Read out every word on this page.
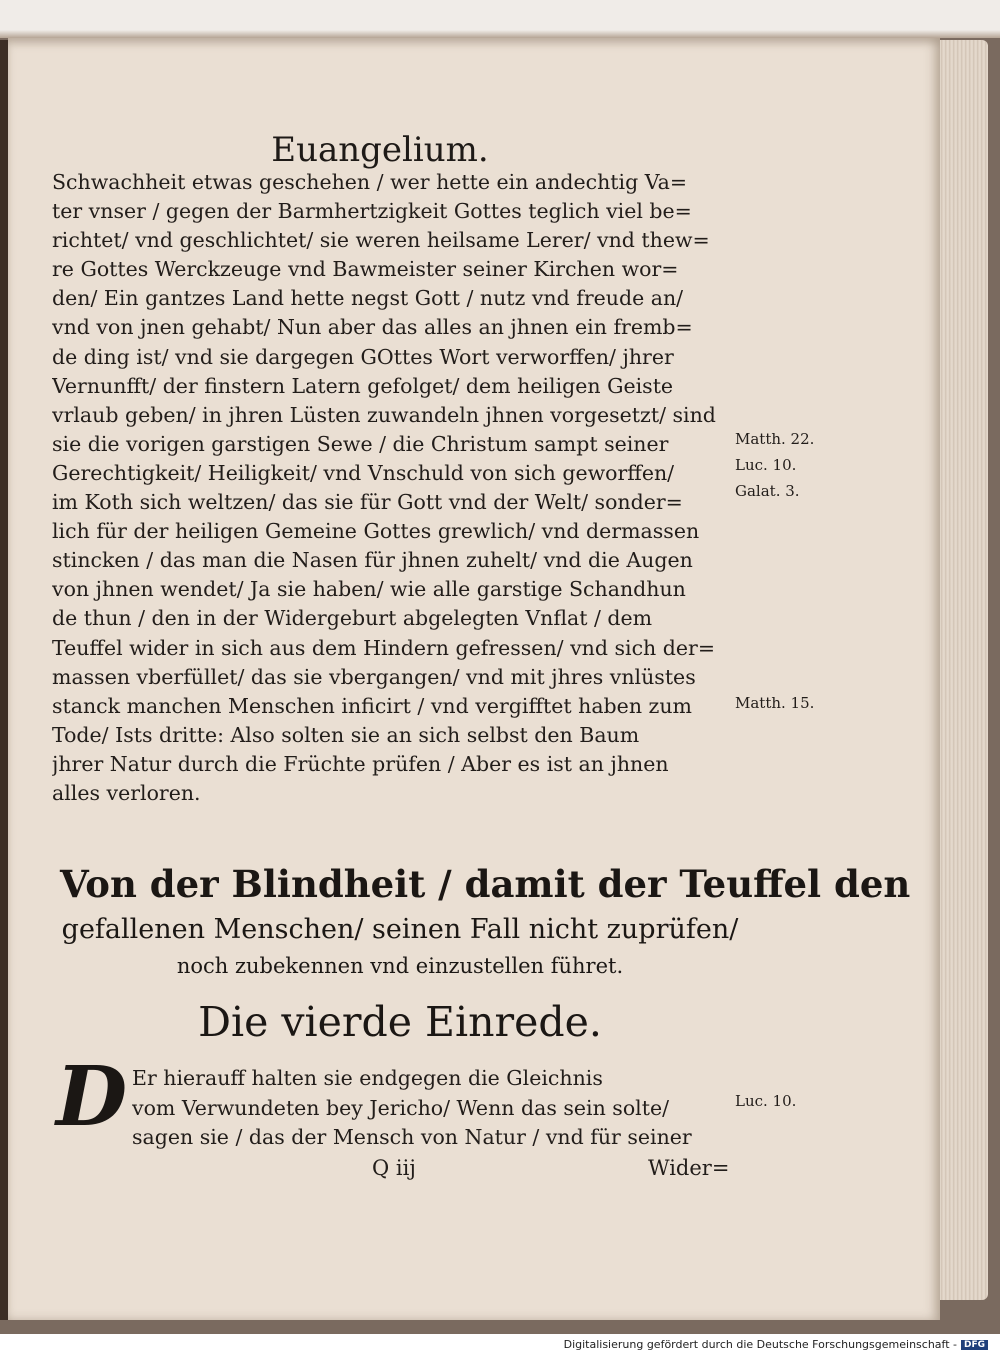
Euangelium.
Schwachheit etwas geschehen / wer hette ein andechtig Va=
ter vnser / gegen der Barmhertzigkeit Gottes teglich viel be=
richtet/ vnd geschlichtet/ sie weren heilsame Lerer/ vnd thew=
re Gottes Werckzeuge vnd Bawmeister seiner Kirchen wor=
den/ Ein gantzes Land hette negst Gott / nutz vnd freude an/
vnd von jnen gehabt/ Nun aber das alles an jhnen ein fremb=
de ding ist/ vnd sie dargegen GOttes Wort verworffen/ jhrer
Vernunfft/ der finstern Latern gefolget/ dem heiligen Geiste
vrlaub geben/ in jhren Lüsten zuwandeln jhnen vorgesetzt/ sind
sie die vorigen garstigen Sewe / die Christum sampt seiner
Gerechtigkeit/ Heiligkeit/ vnd Vnschuld von sich geworffen/
im Koth sich weltzen/ das sie für Gott vnd der Welt/ sonder=
lich für der heiligen Gemeine Gottes grewlich/ vnd dermassen
stincken / das man die Nasen für jhnen zuhelt/ vnd die Augen
von jhnen wendet/ Ja sie haben/ wie alle garstige Schandhun
de thun / den in der Widergeburt abgelegten Vnflat / dem
Teuffel wider in sich aus dem Hindern gefressen/ vnd sich der=
massen vberfüllet/ das sie vbergangen/ vnd mit jhres vnlüstes
stanck manchen Menschen inficirt / vnd vergifftet haben zum
Tode/ Ists dritte: Also solten sie an sich selbst den Baum
jhrer Natur durch die Früchte prüfen / Aber es ist an jhnen
alles verloren.
Matth. 22.
Luc. 10.
Galat. 3.
Matth. 15.
Luc. 10.
Von der Blindheit / damit der Teuffel den
gefallenen Menschen/ seinen Fall nicht zuprüfen/
noch zubekennen vnd einzustellen führet.
Die vierde Einrede.
D Er hierauff halten sie endgegen die Gleichnis
vom Verwundeten bey Jericho/ Wenn das sein solte/
sagen sie / das der Mensch von Natur / vnd für seiner
Q iij	Wider=
Digitalisierung gefördert durch die Deutsche Forschungsgemeinschaft - DFG
